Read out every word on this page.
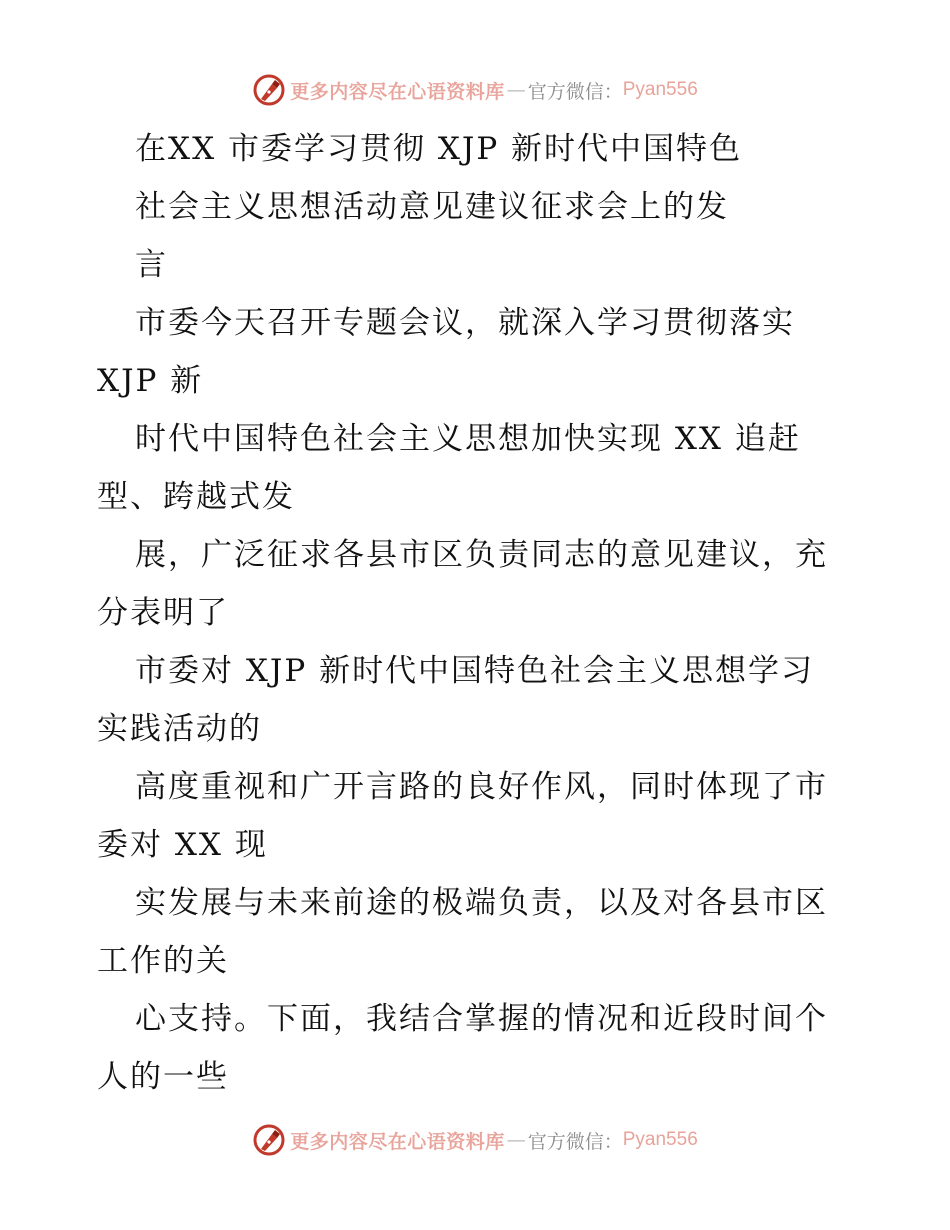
更多内容尽在心语资料库 — 官方微信： Pyan556
在XX 市委学习贯彻 XJP 新时代中国特色
社会主义思想活动意见建议征求会上的发
言
市委今天召开专题会议，就深入学习贯彻落实
XJP 新
时代中国特色社会主义思想加快实现 XX 追赶
型、跨越式发
展，广泛征求各县市区负责同志的意见建议，充
分表明了
市委对 XJP 新时代中国特色社会主义思想学习
实践活动的
高度重视和广开言路的良好作风，同时体现了市
委对 XX 现
实发展与未来前途的极端负责，以及对各县市区
工作的关
心支持。下面，我结合掌握的情况和近段时间个
人的一些
更多内容尽在心语资料库 — 官方微信： Pyan556
